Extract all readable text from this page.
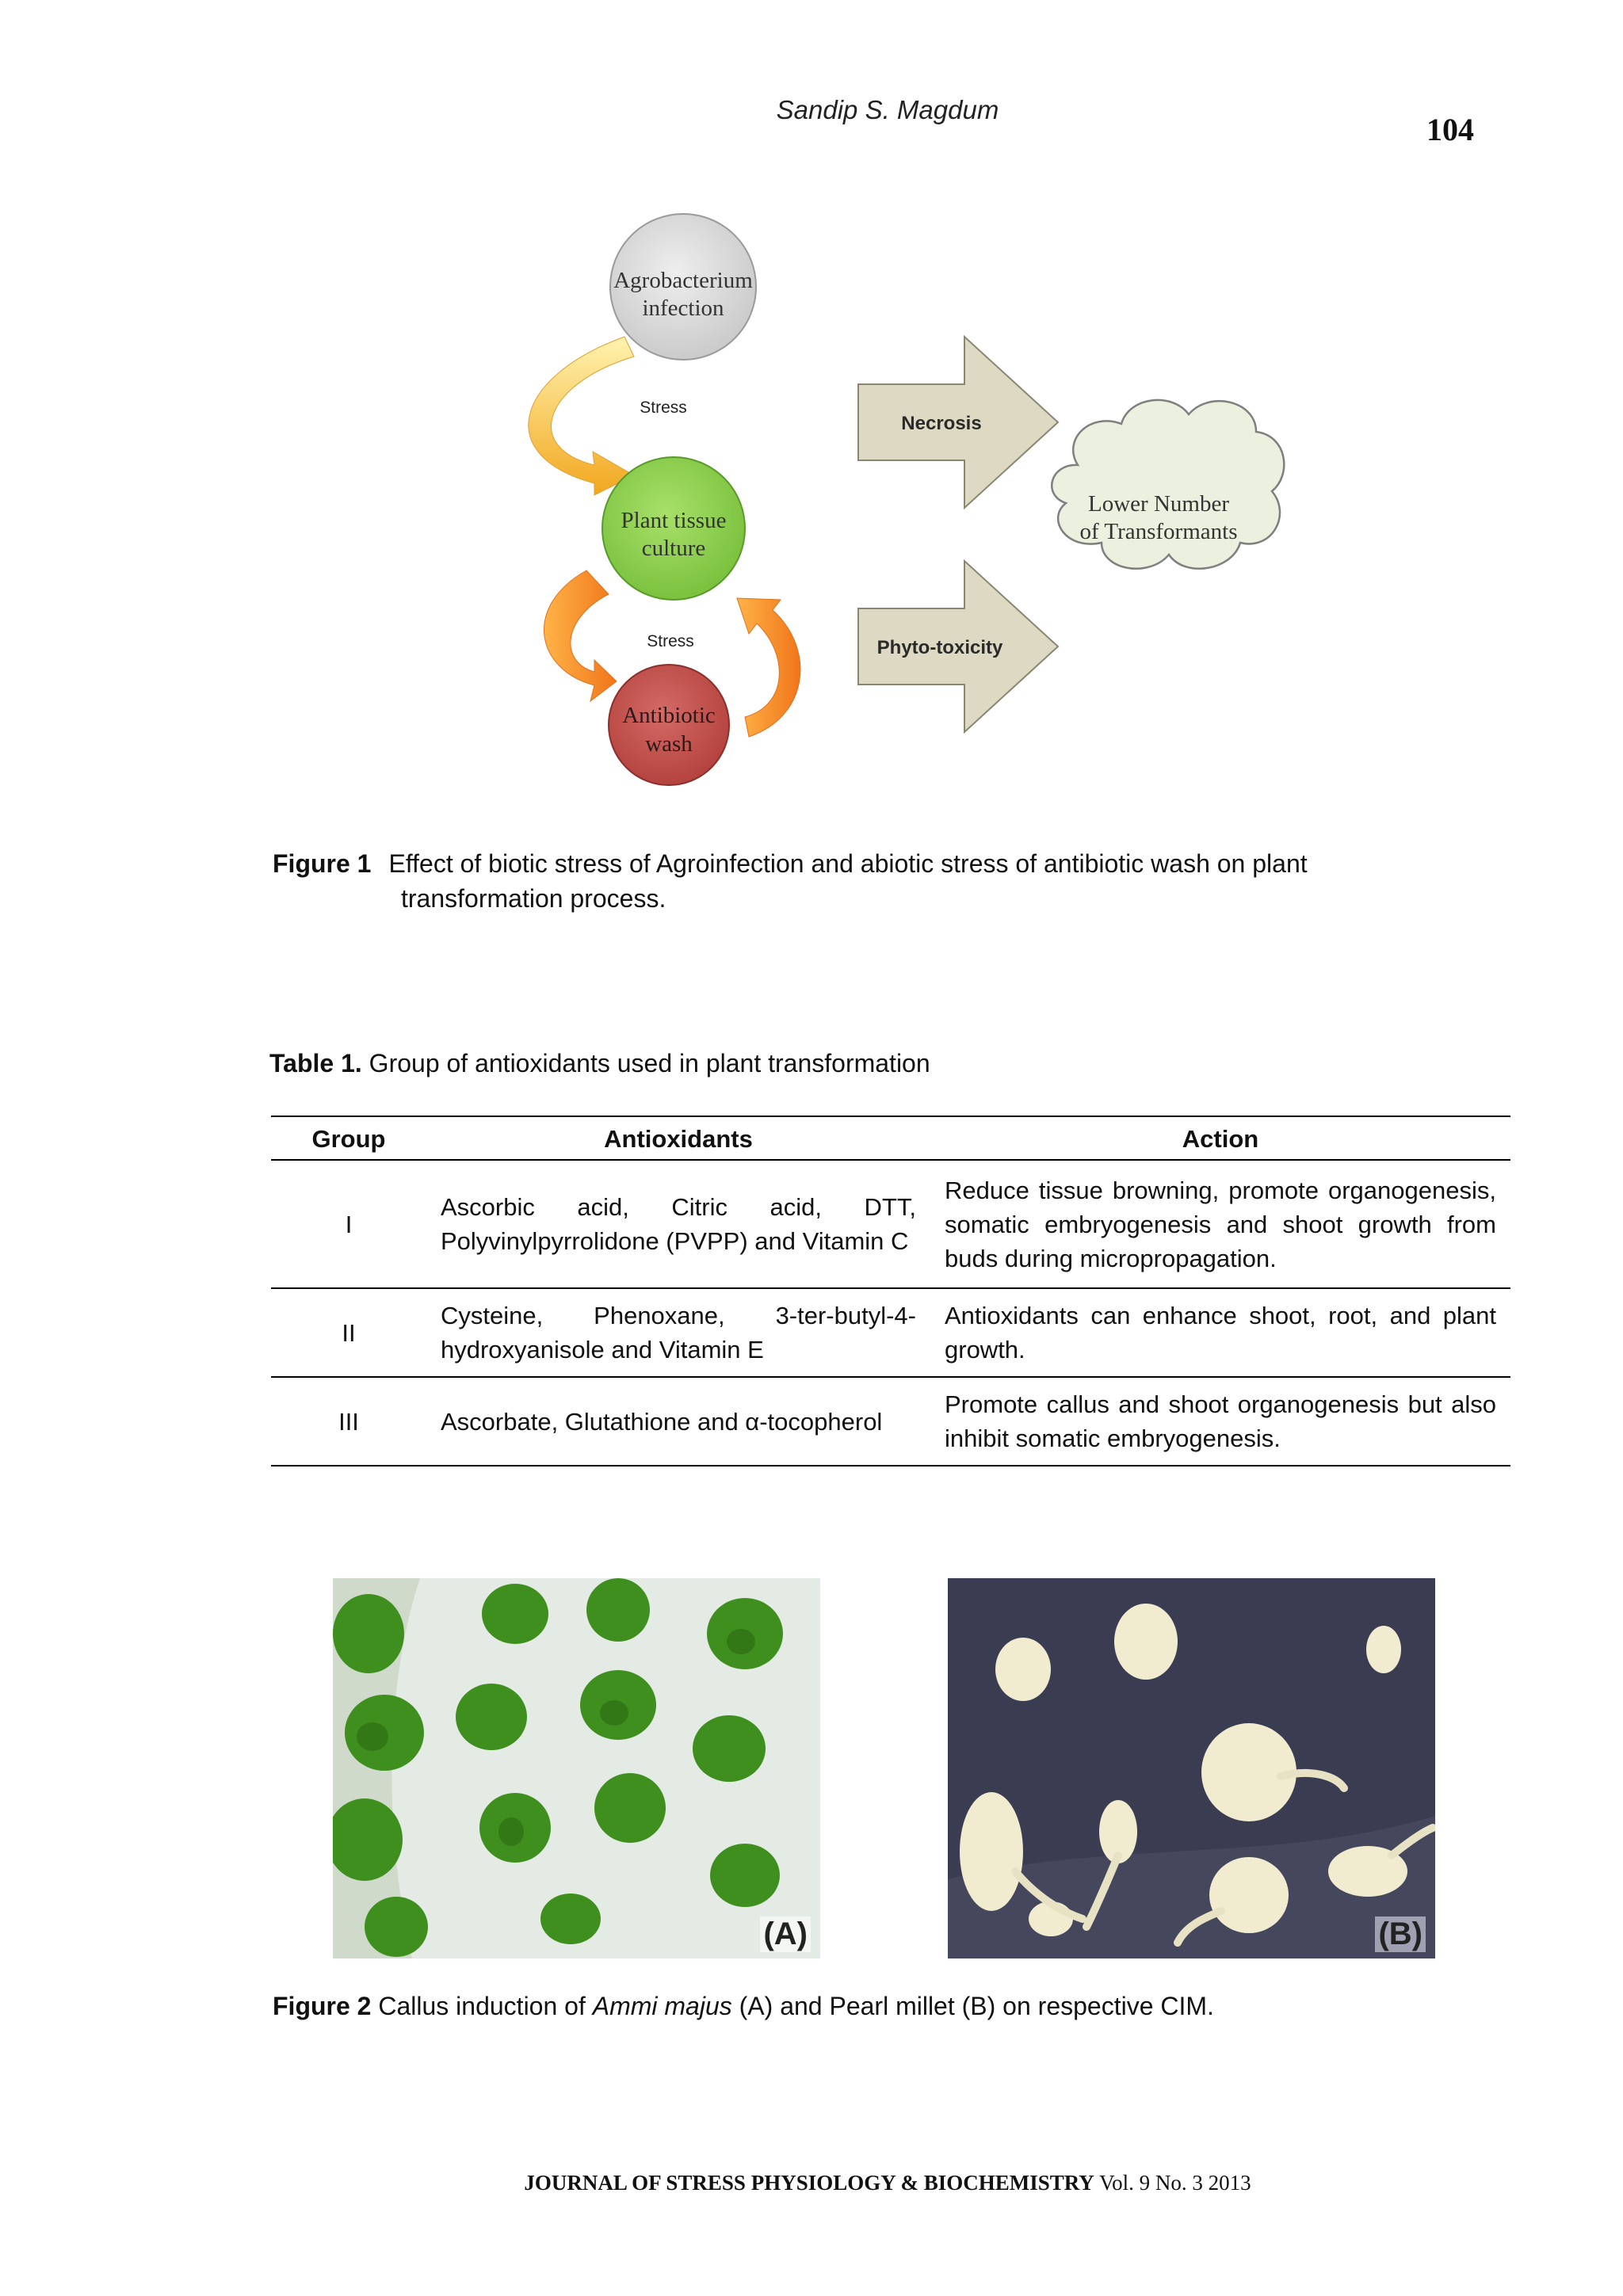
Sandip S. Magdum
104
Agrobacterium
infection
Plant tissue
culture
Antibiotic
wash
Stress
Stress
Necrosis
Phyto-toxicity
Lower Number
of Transformants
Figure 1 Effect of biotic stress of Agroinfection and abiotic stress of antibiotic wash on plant
transformation process.
Table 1. Group of antioxidants used in plant transformation
Group	Antioxidants	Action
I	Ascorbic acid, Citric acid, DTT, Polyvinylpyrrolidone (PVPP) and Vitamin C	Reduce tissue browning, promote organogenesis, somatic embryogenesis and shoot growth from buds during micropropagation.
II	Cysteine, Phenoxane, 3-ter-butyl-4-hydroxyanisole and Vitamin E	Antioxidants can enhance shoot, root, and plant growth.
III	Ascorbate, Glutathione and α-tocopherol	Promote callus and shoot organogenesis but also inhibit somatic embryogenesis.
(A)	(B)
Figure 2 Callus induction of Ammi majus (A) and Pearl millet (B) on respective CIM.
JOURNAL OF STRESS PHYSIOLOGY & BIOCHEMISTRY Vol. 9 No. 3 2013
